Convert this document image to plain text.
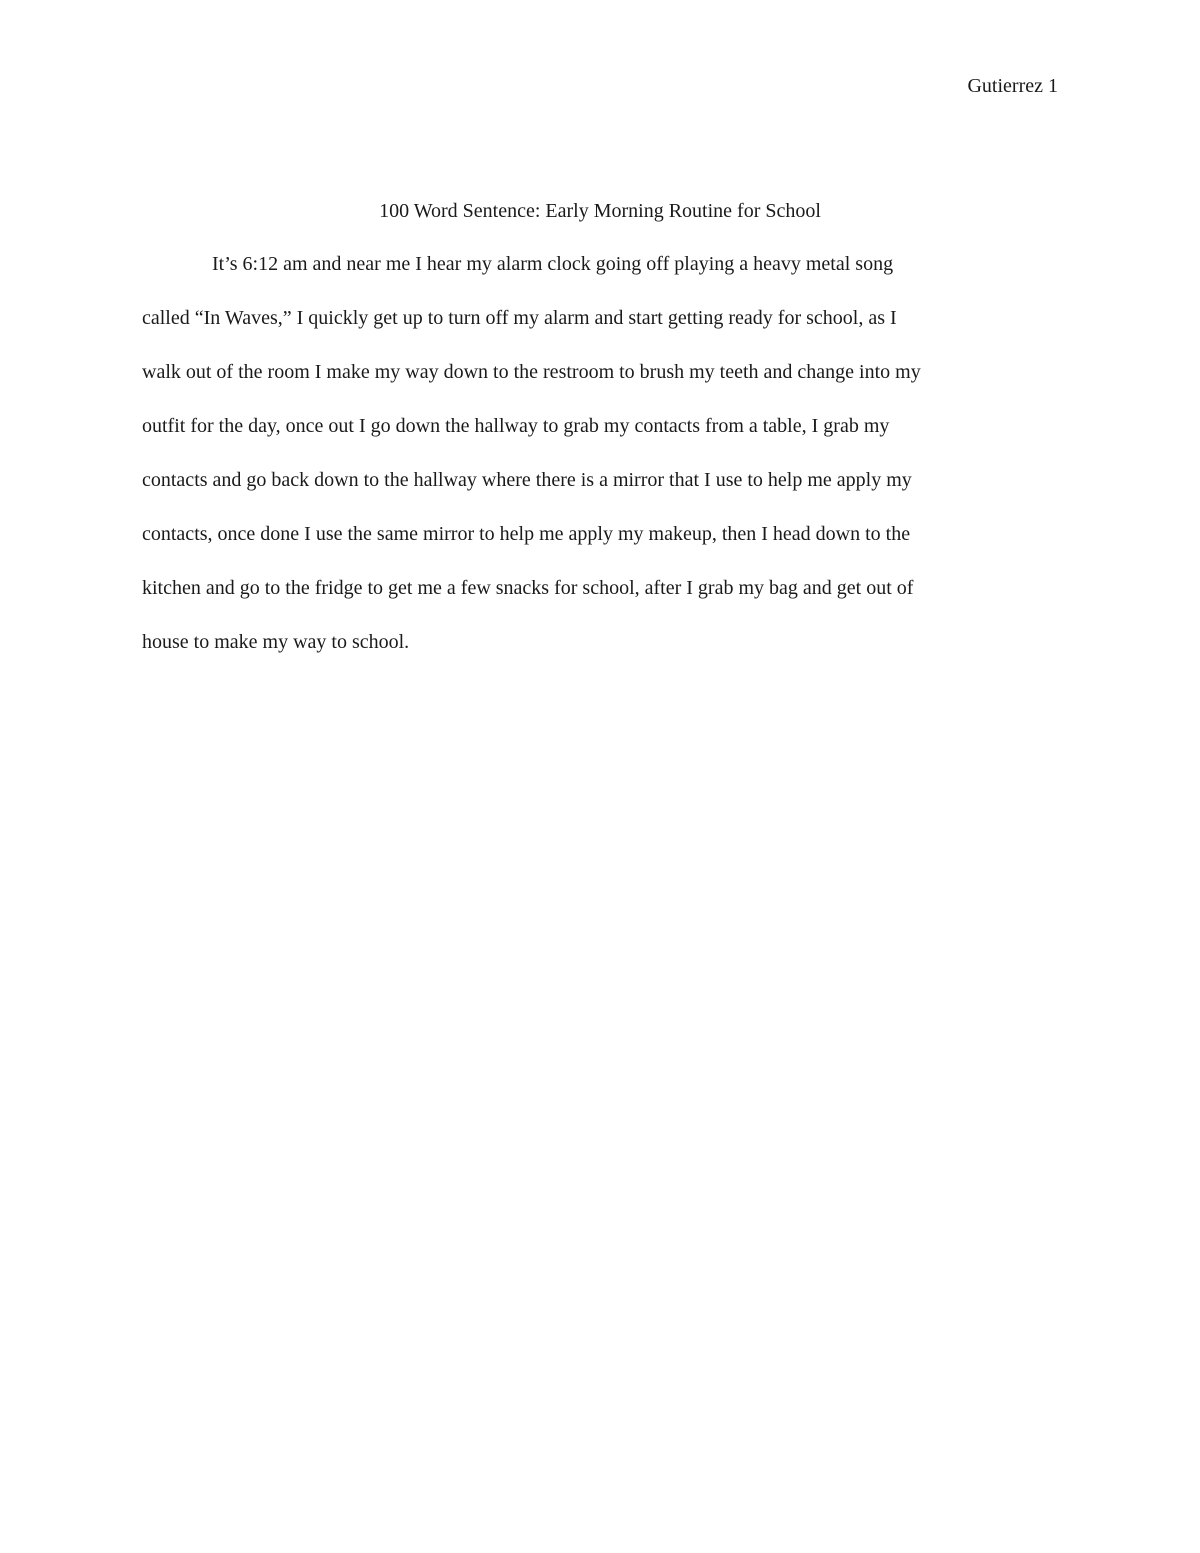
Gutierrez 1
100 Word Sentence: Early Morning Routine for School
It’s 6:12 am and near me I hear my alarm clock going off playing a heavy metal song
called “In Waves,” I quickly get up to turn off my alarm and start getting ready for school, as I
walk out of the room I make my way down to the restroom to brush my teeth and change into my
outfit for the day, once out I go down the hallway to grab my contacts from a table, I grab my
contacts and go back down to the hallway where there is a mirror that I use to help me apply my
contacts, once done I use the same mirror to help me apply my makeup, then I head down to the
kitchen and go to the fridge to get me a few snacks for school, after I grab my bag and get out of
house to make my way to school.
